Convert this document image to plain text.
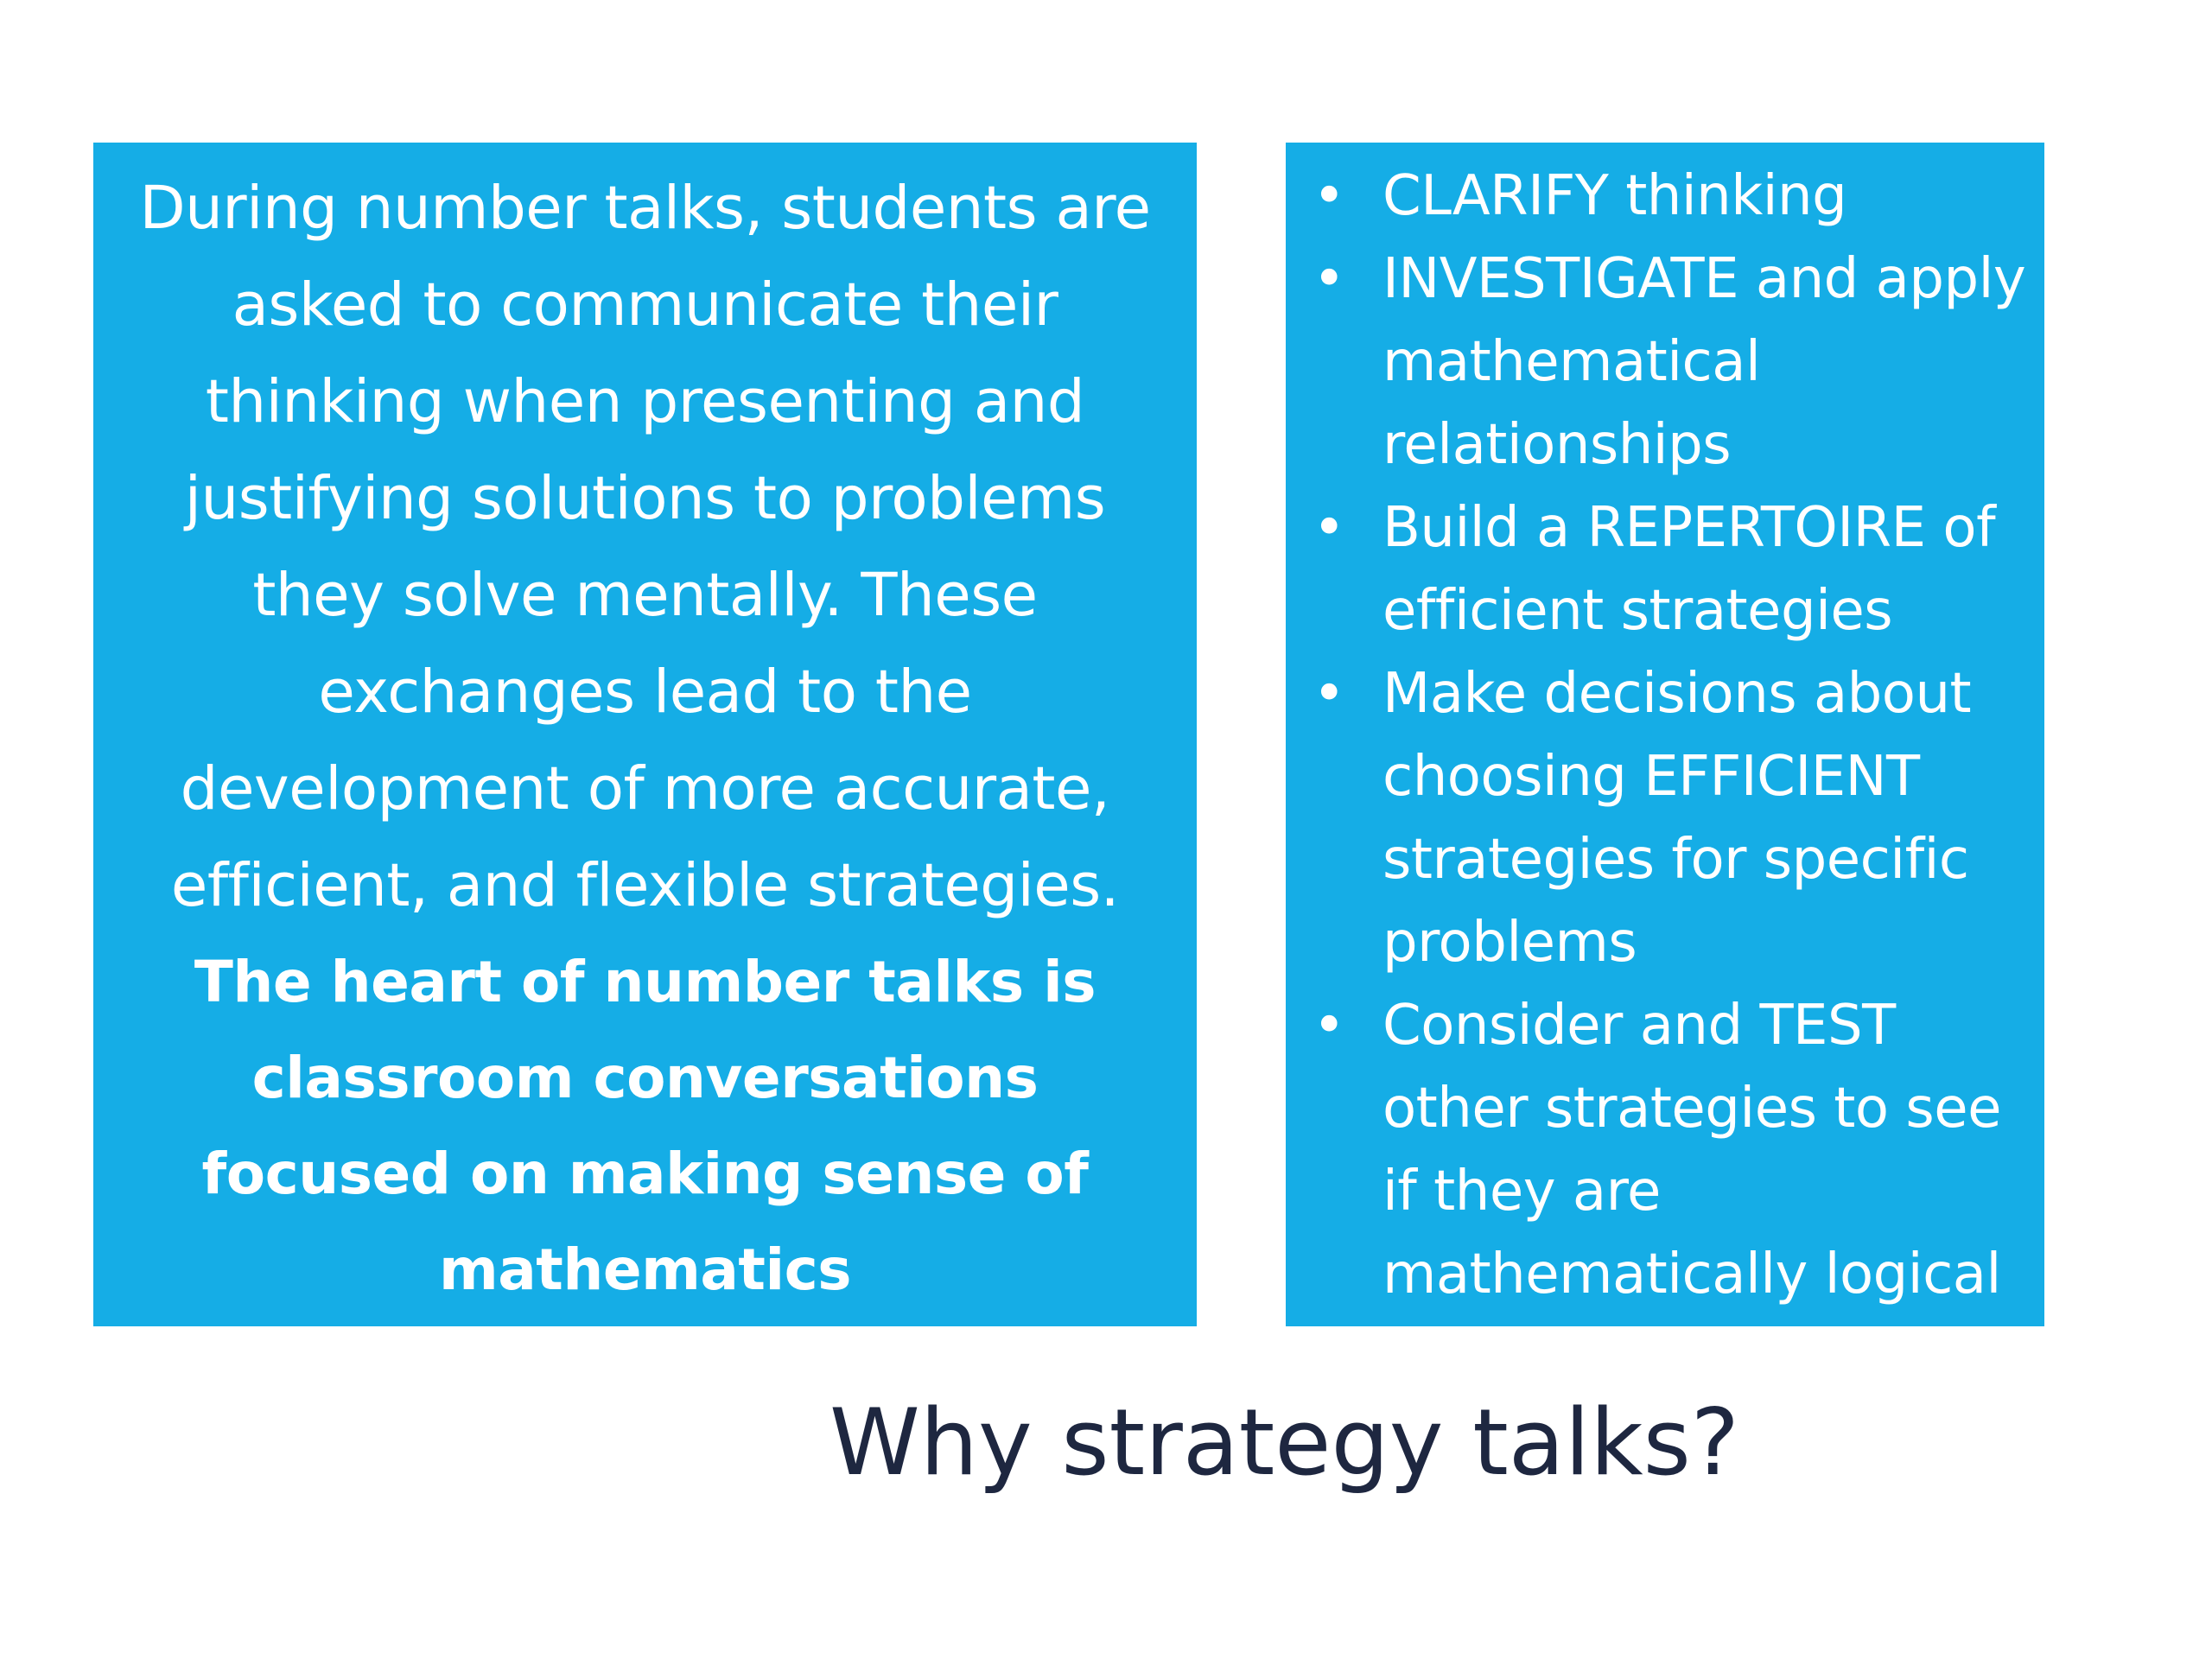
During number talks, students are asked to communicate their thinking when presenting and justifying solutions to problems they solve mentally. These exchanges lead to the development of more accurate, efficient, and flexible strategies.

The heart of number talks is classroom conversations focused on making sense of mathematics

• CLARIFY thinking
• INVESTIGATE and apply mathematical relationships
• Build a REPERTOIRE of efficient strategies
• Make decisions about choosing EFFICIENT strategies for specific problems
• Consider and TEST other strategies to see if they are mathematically logical
Why strategy talks?
